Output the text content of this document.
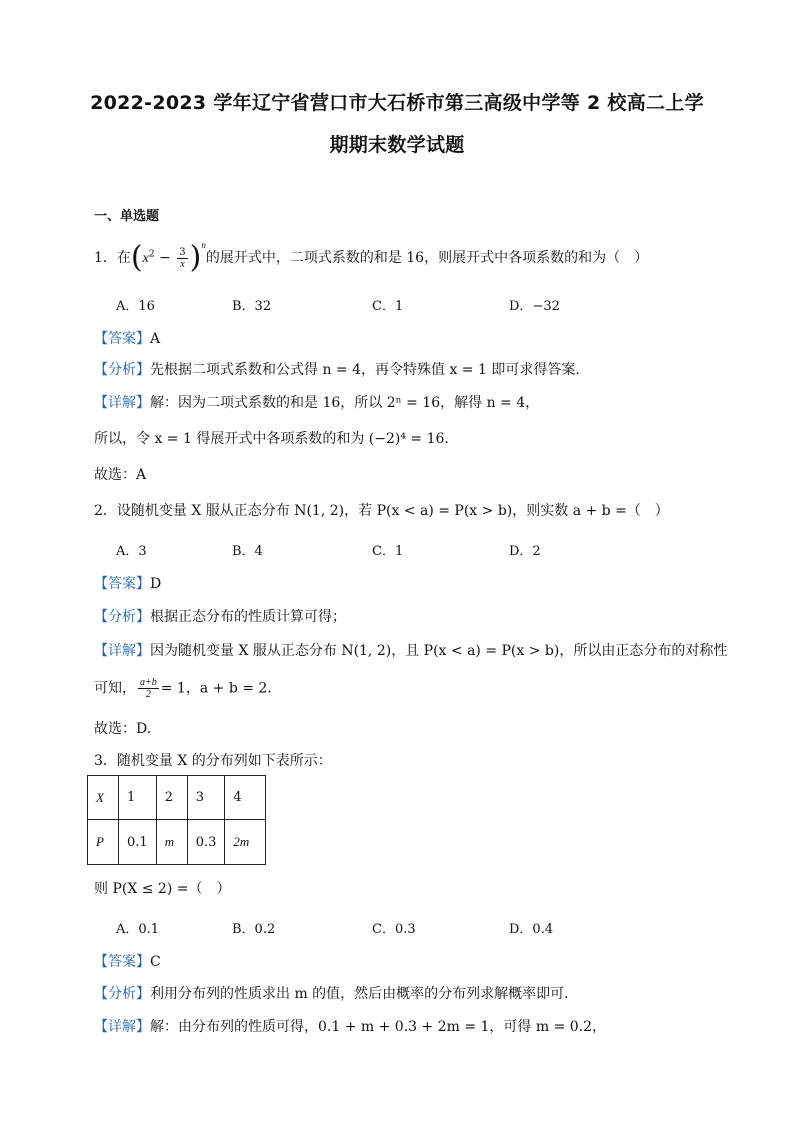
2022-2023 学年辽宁省营口市大石桥市第三高级中学等 2 校高二上学
期期末数学试题
一、单选题
1．在$(x^2 - \frac{3}{x} )^n$的展开式中，二项式系数的和是 16，则展开式中各项系数的和为（　）
A．16	B．32	C．1	D．−32
【答案】A
【分析】先根据二项式系数和公式得 n = 4，再令特殊值 x = 1 即可求得答案.
【详解】解：因为二项式系数的和是 16，所以 2ⁿ = 16，解得 n = 4，
所以，令 x = 1 得展开式中各项系数的和为 (−2)⁴ = 16．
故选：A
2．设随机变量 X 服从正态分布 N(1, 2)，若 P(x < a) = P(x > b)，则实数 a + b =（　）
A．3	B．4	C．1	D．2
【答案】D
【分析】根据正态分布的性质计算可得；
【详解】因为随机变量 X 服从正态分布 N(1, 2)，且 P(x < a) = P(x > b)，所以由正态分布的对称性
可知， $\frac{a+b}{2} = 1$，a + b = 2．
故选：D.
3．随机变量 X 的分布列如下表所示：
X	1	2	3	4
P	0.1	m	0.3	2m
则 P(X ≤ 2) =（　）
A．0.1	B．0.2	C．0.3	D．0.4
【答案】C
【分析】利用分布列的性质求出 m 的值，然后由概率的分布列求解概率即可．
【详解】解：由分布列的性质可得，0.1 + m + 0.3 + 2m = 1，可得 m = 0.2，
